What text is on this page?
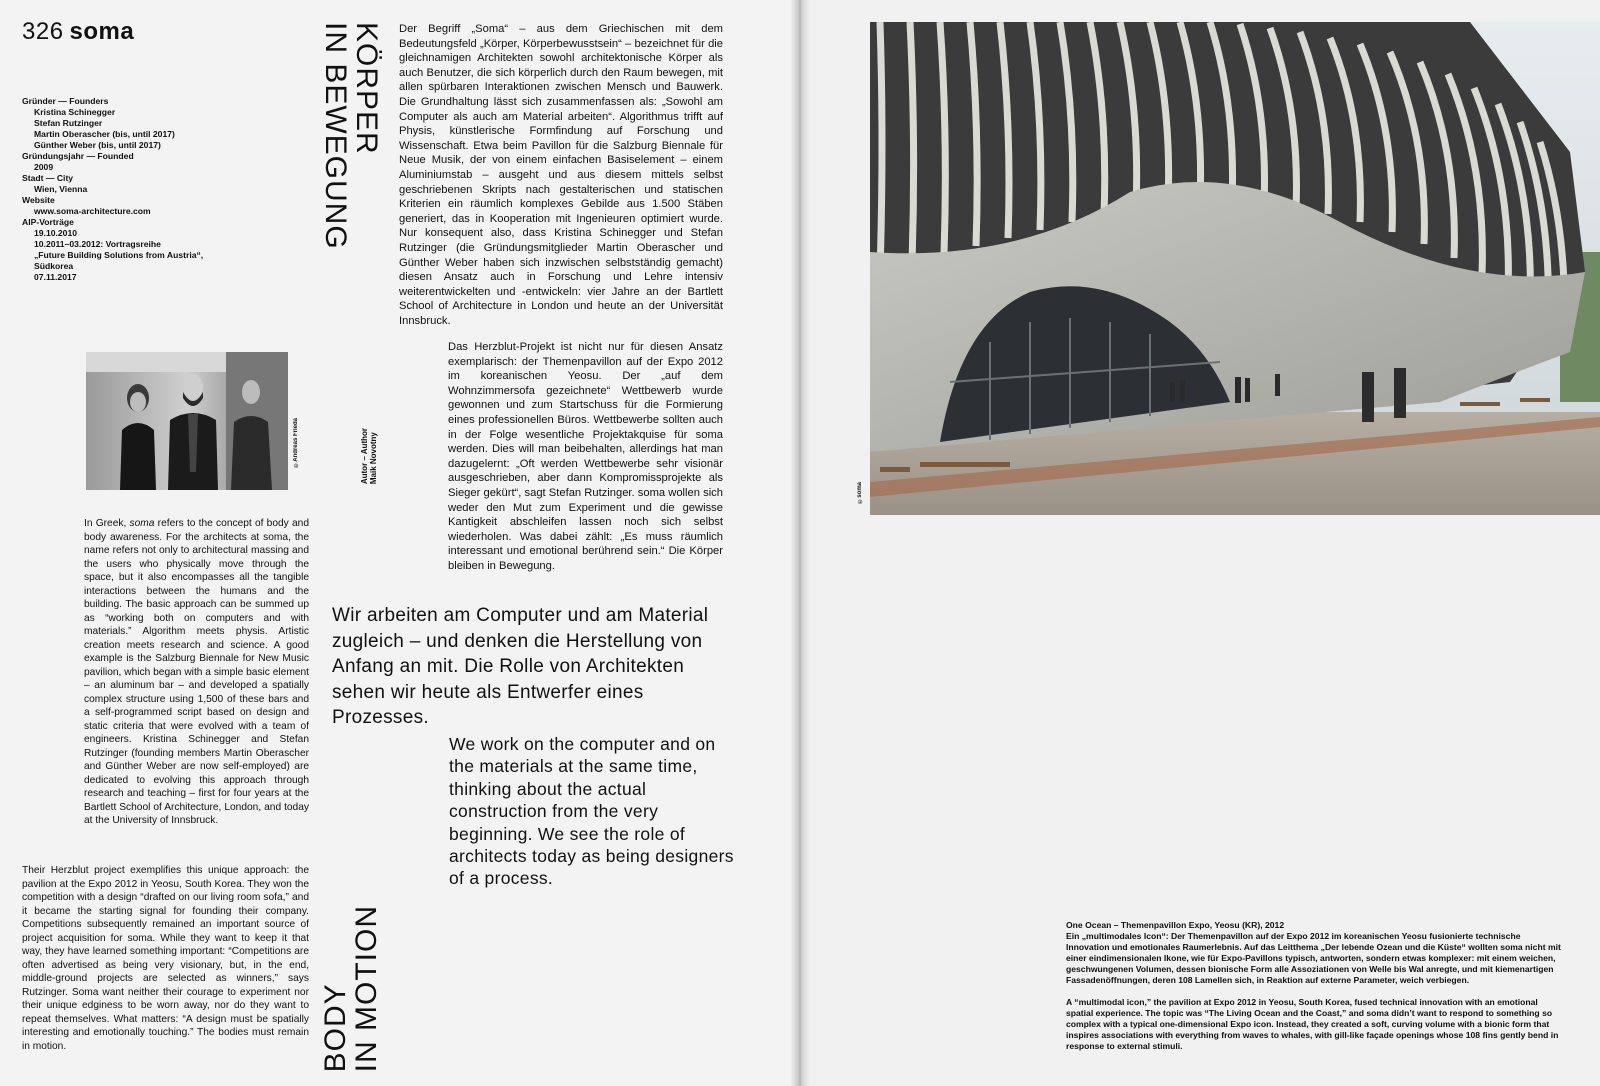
326 soma
Gründer — Founders
Kristina Schinegger
Stefan Rutzinger
Martin Oberascher (bis, until 2017)
Günther Weber (bis, until 2017)
Gründungsjahr — Founded
2009
Stadt — City
Wien, Vienna
Website
www.soma-architecture.com
AIP-Vorträge
19.10.2010
10.2011–03.2012: Vortragsreihe
„Future Building Solutions from Austria“,
Südkorea
07.11.2017
KÖRPER
IN BEWEGUNG
Autor – Author Maik Novotny
©Andreas Frieda
Der Begriff „Soma“ – aus dem Griechischen mit dem Bedeutungsfeld „Körper, Körperbewusstsein“ – bezeichnet für die gleichnamigen Architekten sowohl architektonische Körper als auch Benutzer, die sich körperlich durch den Raum bewegen, mit allen spürbaren Interaktionen zwischen Mensch und Bauwerk. Die Grundhaltung lässt sich zusammenfassen als: „Sowohl am Computer als auch am Material arbeiten“. Algorithmus trifft auf Physis, künstlerische Formfindung auf Forschung und Wissenschaft. Etwa beim Pavillon für die Salzburg Biennale für Neue Musik, der von einem einfachen Basiselement – einem Aluminiumstab – ausgeht und aus diesem mittels selbst geschriebenen Skripts nach gestalterischen und statischen Kriterien ein räumlich komplexes Gebilde aus 1.500 Stäben generiert, das in Kooperation mit Ingenieuren optimiert wurde. Nur konsequent also, dass Kristina Schinegger und Stefan Rutzinger (die Gründungsmitglieder Martin Oberascher und Günther Weber haben sich inzwischen selbstständig gemacht) diesen Ansatz auch in Forschung und Lehre intensiv weiterentwickelten und -entwickeln: vier Jahre an der Bartlett School of Architecture in London und heute an der Universität Innsbruck.
Das Herzblut-Projekt ist nicht nur für diesen Ansatz exemplarisch: der Themenpavillon auf der Expo 2012 im koreanischen Yeosu. Der „auf dem Wohnzimmersofa gezeichnete“ Wettbewerb wurde gewonnen und zum Startschuss für die Formierung eines professionellen Büros. Wettbewerbe sollten auch in der Folge wesentliche Projektakquise für soma werden. Dies will man beibehalten, allerdings hat man dazugelernt: „Oft werden Wettbewerbe sehr visionär ausgeschrieben, aber dann Kompromissprojekte als Sieger gekürt“, sagt Stefan Rutzinger. soma wollen sich weder den Mut zum Experiment und die gewisse Kantigkeit abschleifen lassen noch sich selbst wiederholen. Was dabei zählt: „Es muss räumlich interessant und emotional berührend sein.“ Die Körper bleiben in Bewegung.
In Greek, soma refers to the concept of body and body awareness. For the architects at soma, the name refers not only to architectural massing and the users who physically move through the space, but it also encompasses all the tangible interactions between the humans and the building. The basic approach can be summed up as “working both on computers and with materials.” Algorithm meets physis. Artistic creation meets research and science. A good example is the Salzburg Biennale for New Music pavilion, which began with a simple basic element – an aluminum bar – and developed a spatially complex structure using 1,500 of these bars and a self-programmed script based on design and static criteria that were evolved with a team of engineers. Kristina Schinegger and Stefan Rutzinger (founding members Martin Oberascher and Günther Weber are now self-employed) are dedicated to evolving this approach through research and teaching – first for four years at the Bartlett School of Architecture, London, and today at the University of Innsbruck.
Their Herzblut project exemplifies this unique approach: the pavilion at the Expo 2012 in Yeosu, South Korea. They won the competition with a design “drafted on our living room sofa,” and it became the starting signal for founding their company. Competitions subsequently remained an important source of project acquisition for soma. While they want to keep it that way, they have learned something important: “Competitions are often advertised as being very visionary, but, in the end, middle-ground projects are selected as winners,” says Rutzinger. Soma want neither their courage to experiment nor their unique edginess to be worn away, nor do they want to repeat themselves. What matters: “A design must be spatially interesting and emotionally touching.” The bodies must remain in motion.
Wir arbeiten am Computer und am Material zugleich – und denken die Herstellung von Anfang an mit. Die Rolle von Architekten sehen wir heute als Entwerfer eines Prozesses.
We work on the computer and on the materials at the same time, thinking about the actual construction from the very beginning. We see the role of architects today as being designers of a process.
BODY
IN MOTION
©soma
One Ocean – Themenpavillon Expo, Yeosu (KR), 2012

Ein „multimodales Icon“: Der Themenpavillon auf der Expo 2012 im koreanischen Yeosu fusionierte technische Innovation und emotionales Raumerlebnis. Auf das Leitthema „Der lebende Ozean und die Küste“ wollten soma nicht mit einer eindimensionalen Ikone, wie für Expo-Pavillons typisch, antworten, sondern etwas komplexer: mit einem weichen, geschwungenen Volumen, dessen bionische Form alle Assoziationen von Welle bis Wal anregte, und mit kiemenartigen Fassadenöffnungen, deren 108 Lamellen sich, in Reaktion auf externe Parameter, weich verbiegen.

A “multimodal icon,” the pavilion at Expo 2012 in Yeosu, South Korea, fused technical innovation with an emotional spatial experience. The topic was “The Living Ocean and the Coast,” and soma didn’t want to respond to something so complex with a typical one-dimensional Expo icon. Instead, they created a soft, curving volume with a bionic form that inspires associations with everything from waves to whales, with gill-like façade openings whose 108 fins gently bend in response to external stimuli.
